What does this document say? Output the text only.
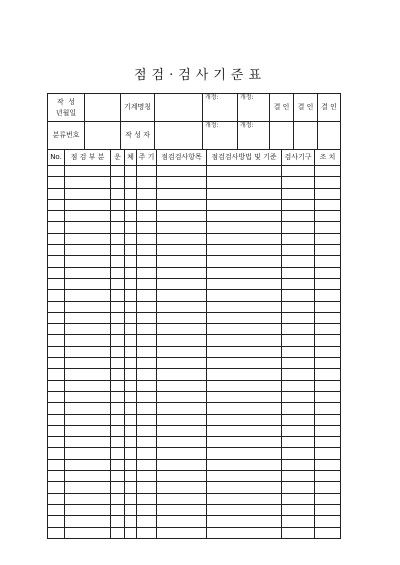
점검·검사기준표
작  성
년월일		기계명칭		개정:	개정:	결 인	결 인	결 인
분류번호		작 성 자		개정:	개정:			
No.	점 검 부 분	운	체	주 기	점검검사항목	점검검사방법 및 기준	검사기구	조 치
